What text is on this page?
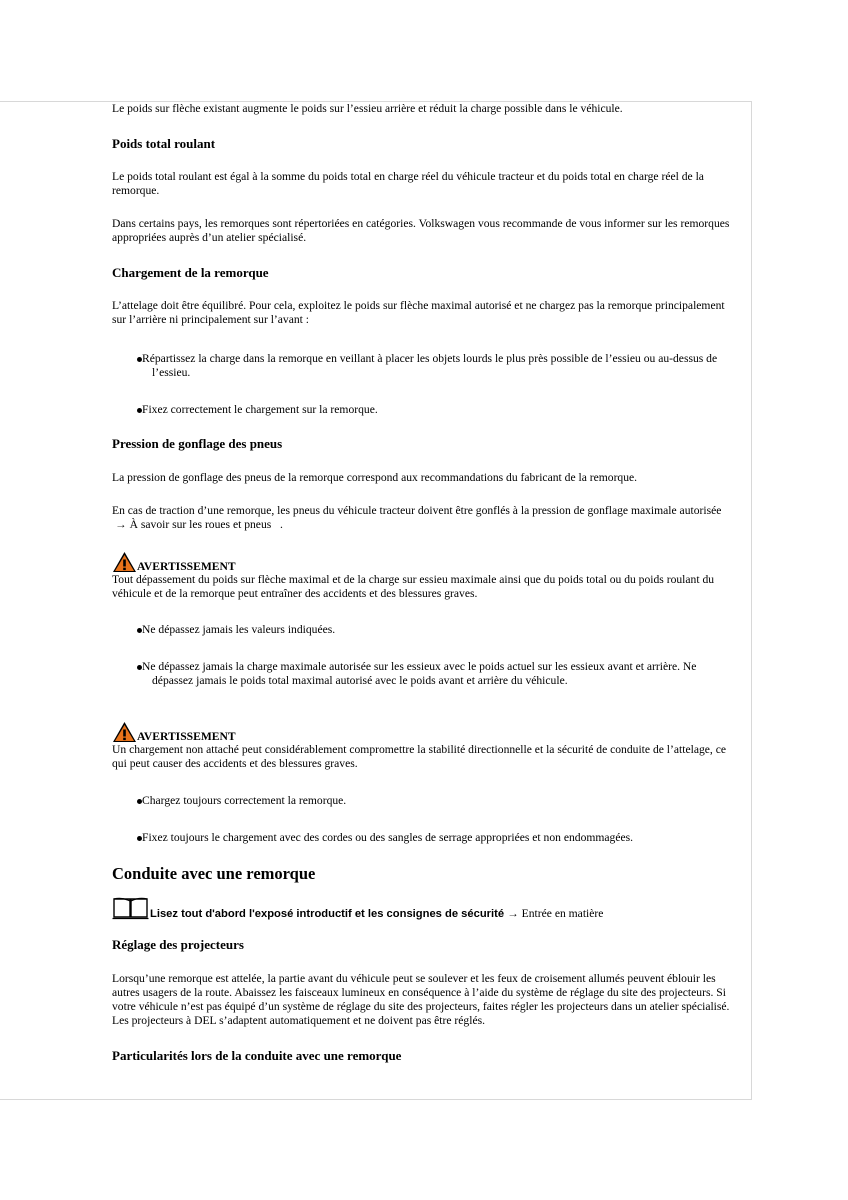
Le poids sur flèche existant augmente le poids sur l’essieu arrière et réduit la charge possible dans le véhicule.

Poids total roulant

Le poids total roulant est égal à la somme du poids total en charge réel du véhicule tracteur et du poids total en charge réel de la remorque.

Dans certains pays, les remorques sont répertoriées en catégories. Volkswagen vous recommande de vous informer sur les remorques appropriées auprès d’un atelier spécialisé.

Chargement de la remorque

L’attelage doit être équilibré. Pour cela, exploitez le poids sur flèche maximal autorisé et ne chargez pas la remorque principalement sur l’arrière ni principalement sur l’avant :

Répartissez la charge dans la remorque en veillant à placer les objets lourds le plus près possible de l’essieu ou au-dessus de l’essieu.
Fixez correctement le chargement sur la remorque.
Pression de gonflage des pneus

La pression de gonflage des pneus de la remorque correspond aux recommandations du fabricant de la remorque.

En cas de traction d’une remorque, les pneus du véhicule tracteur doivent être gonflés à la pression de gonflage maximale autorisée → À savoir sur les roues et pneus .

AVERTISSEMENT

Tout dépassement du poids sur flèche maximal et de la charge sur essieu maximale ainsi que du poids total ou du poids roulant du véhicule et de la remorque peut entraîner des accidents et des blessures graves.

Ne dépassez jamais les valeurs indiquées.
Ne dépassez jamais la charge maximale autorisée sur les essieux avec le poids actuel sur les essieux avant et arrière. Ne dépassez jamais le poids total maximal autorisé avec le poids avant et arrière du véhicule.
AVERTISSEMENT

Un chargement non attaché peut considérablement compromettre la stabilité directionnelle et la sécurité de conduite de l’attelage, ce qui peut causer des accidents et des blessures graves.

Chargez toujours correctement la remorque.
Fixez toujours le chargement avec des cordes ou des sangles de serrage appropriées et non endommagées.
Conduite avec une remorque
Lisez tout d'abord l'exposé introductif et les consignes de sécurité → Entrée en matière
Réglage des projecteurs

Lorsqu’une remorque est attelée, la partie avant du véhicule peut se soulever et les feux de croisement allumés peuvent éblouir les autres usagers de la route. Abaissez les faisceaux lumineux en conséquence à l’aide du système de réglage du site des projecteurs. Si votre véhicule n’est pas équipé d’un système de réglage du site des projecteurs, faites régler les projecteurs dans un atelier spécialisé. Les projecteurs à DEL s’adaptent automatiquement et ne doivent pas être réglés.

Particularités lors de la conduite avec une remorque
